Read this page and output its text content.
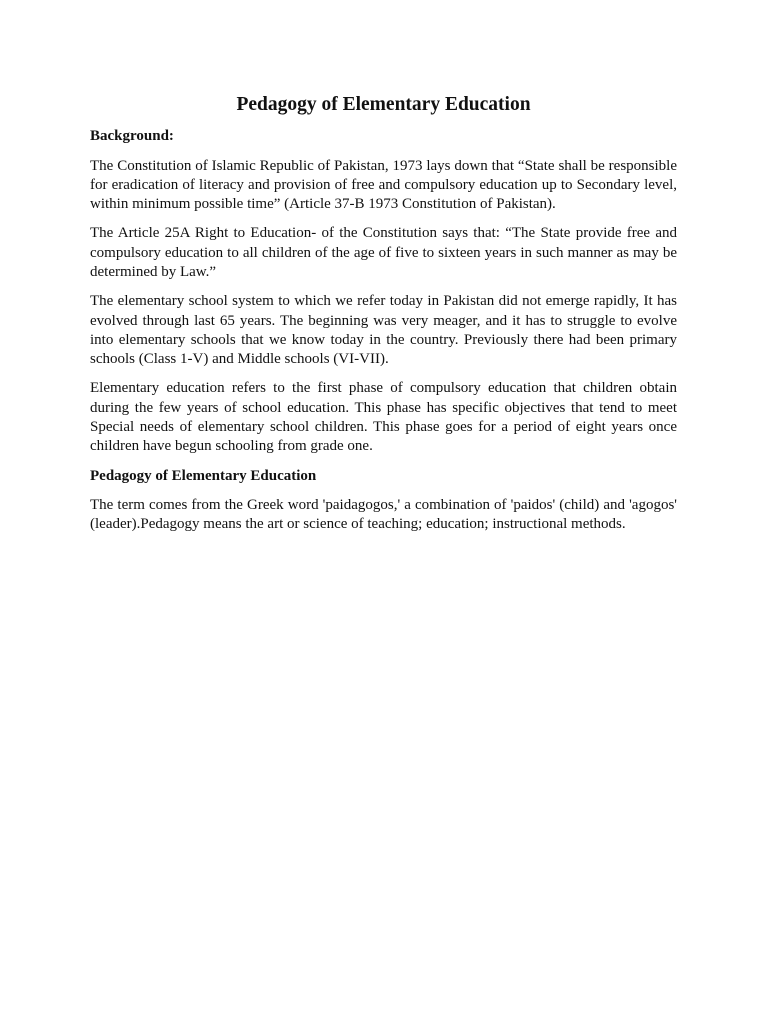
Pedagogy of Elementary Education
Background:

The Constitution of Islamic Republic of Pakistan, 1973 lays down that “State shall be responsible for eradication of literacy and provision of free and compulsory education up to Secondary level, within minimum possible time” (Article 37-B 1973 Constitution of Pakistan).

The Article 25A Right to Education- of the Constitution says that: “The State provide free and compulsory education to all children of the age of five to sixteen years in such manner as may be determined by Law.”

The elementary school system to which we refer today in Pakistan did not emerge rapidly, It has evolved through last 65 years. The beginning was very meager, and it has to struggle to evolve into elementary schools that we know today in the country. Previously there had been primary schools (Class 1-V) and Middle schools (VI-VII).

Elementary education refers to the first phase of compulsory education that children obtain during the few years of school education. This phase has specific objectives that tend to meet Special needs of elementary school children. This phase goes for a period of eight years once children have begun schooling from grade one.

Pedagogy of Elementary Education

The term comes from the Greek word 'paidagogos,' a combination of 'paidos' (child) and 'agogos' (leader).Pedagogy means the art or science of teaching; education; instructional methods.
